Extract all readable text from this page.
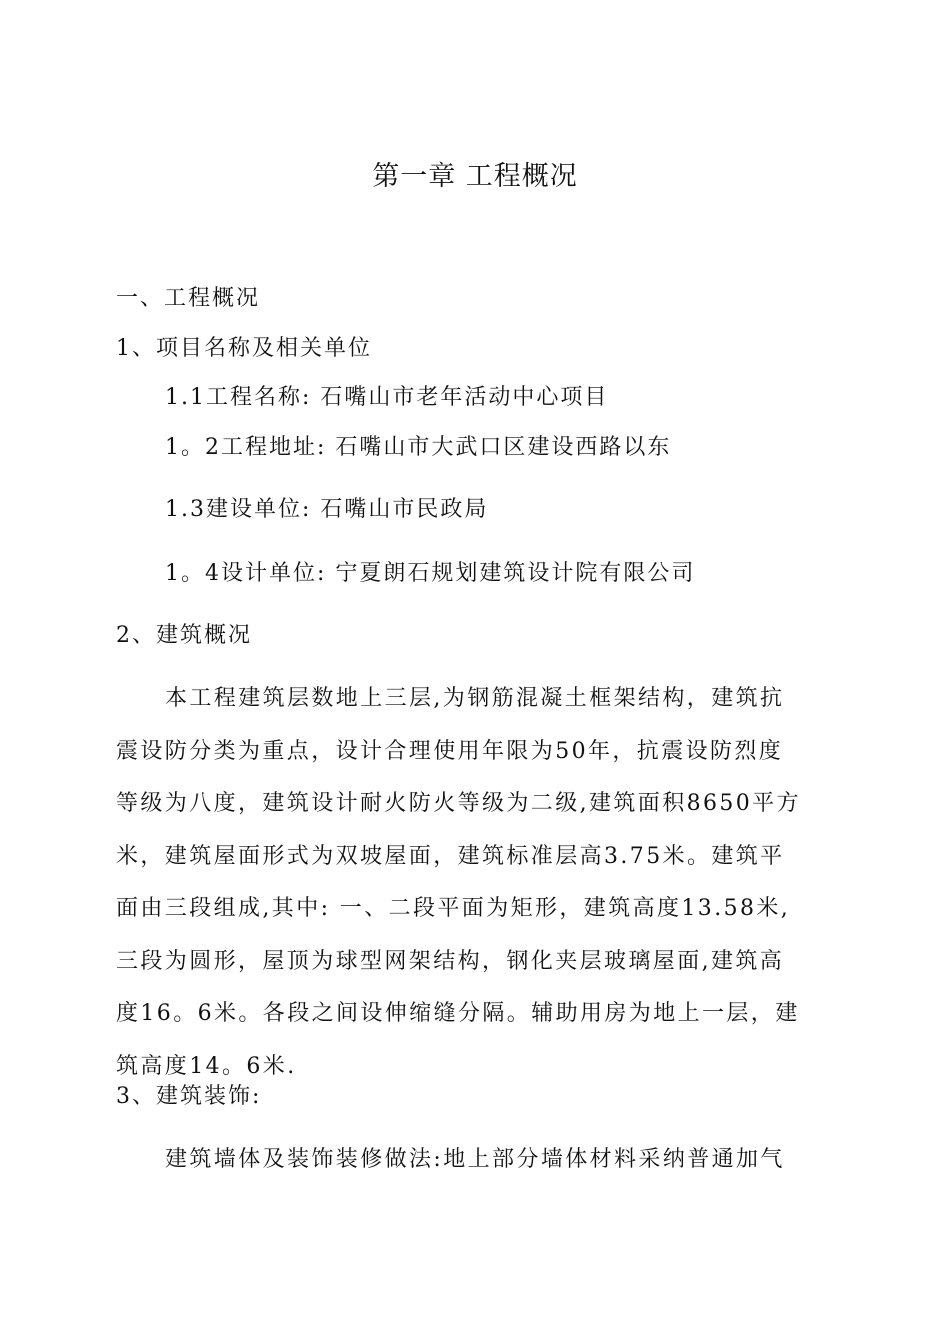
第一章 工程概况
一、工程概况
1、项目名称及相关单位
1.1工程名称: 石嘴山市老年活动中心项目
1。2工程地址: 石嘴山市大武口区建设西路以东
1.3建设单位: 石嘴山市民政局
1。4设计单位: 宁夏朗石规划建筑设计院有限公司
2、建筑概况
本工程建筑层数地上三层,为钢筋混凝土框架结构，建筑抗
震设防分类为重点，设计合理使用年限为50年，抗震设防烈度
等级为八度，建筑设计耐火防火等级为二级,建筑面积8650平方
米，建筑屋面形式为双坡屋面，建筑标准层高3.75米。建筑平
面由三段组成,其中: 一、二段平面为矩形，建筑高度13.58米,
三段为圆形，屋顶为球型网架结构，钢化夹层玻璃屋面,建筑高
度16。6米。各段之间设伸缩缝分隔。辅助用房为地上一层，建
筑高度14。6米.
3、建筑装饰:
建筑墙体及装饰装修做法:地上部分墙体材料采纳普通加气
